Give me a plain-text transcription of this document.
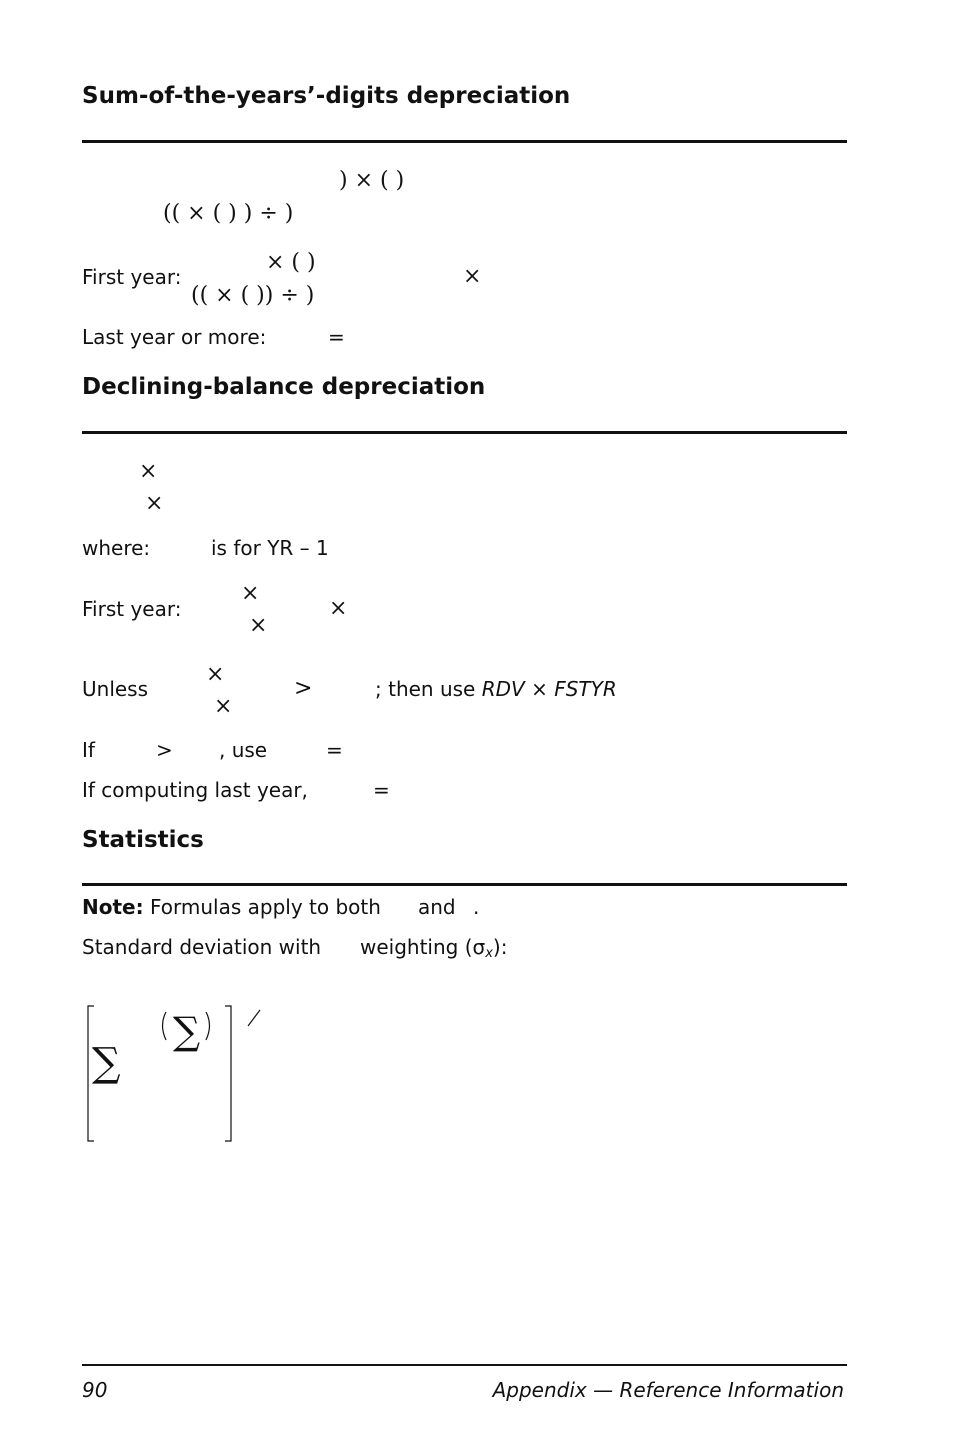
Sum-of-the-years’-digits depreciation
) × ( )
(( × ( ) ) ÷ )
First year:
× ( )
(( × ( )) ÷ )
×
Last year or more:	=
Declining-balance depreciation
×
×
where:	is for YR – 1
First year:
×
×
×
Unless
×
×
>	; then use RDV × FSTYR
If	> , use	=
If computing last year,	=
Statistics
Note: Formulas apply to both and .
Standard deviation with weighting $(\sigma_x)$:
∑
∑
90	Appendix — Reference Information
